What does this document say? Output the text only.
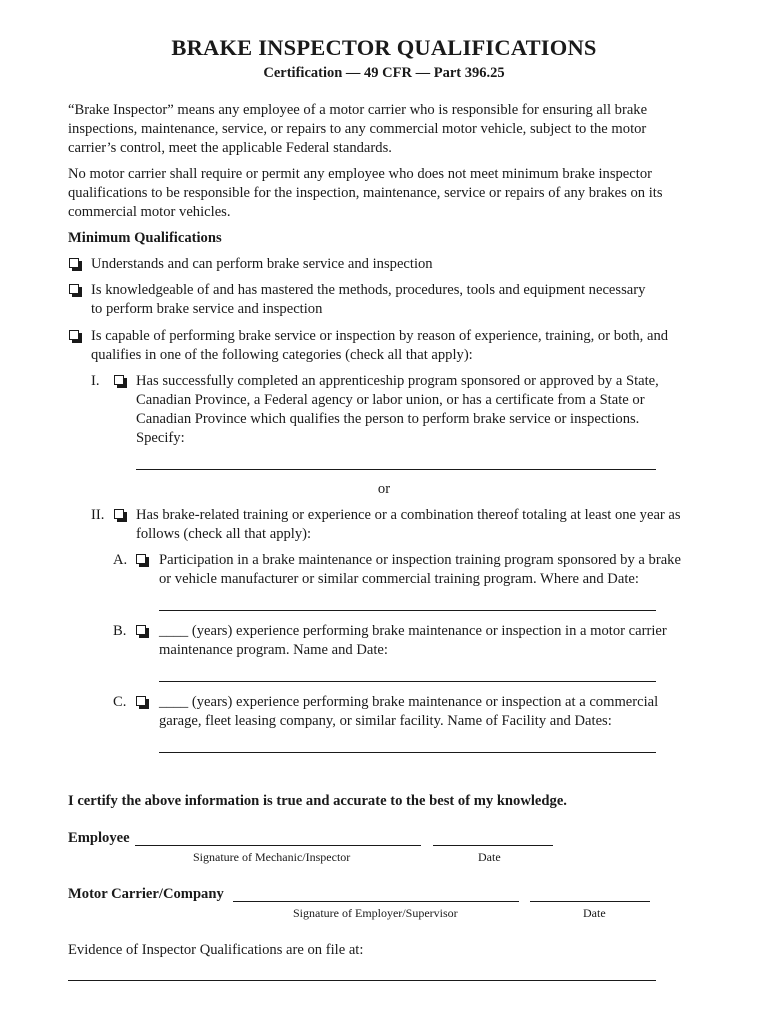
BRAKE INSPECTOR QUALIFICATIONS
Certification — 49 CFR — Part 396.25
“Brake Inspector” means any employee of a motor carrier who is responsible for ensuring all brake
inspections, maintenance, service, or repairs to any commercial motor vehicle, subject to the motor
carrier’s control, meet the applicable Federal standards.
No motor carrier shall require or permit any employee who does not meet minimum brake inspector
qualifications to be responsible for the inspection, maintenance, service or repairs of any brakes on its
commercial motor vehicles.
Minimum Qualifications
Understands and can perform brake service and inspection
Is knowledgeable of and has mastered the methods, procedures, tools and equipment necessary
to perform brake service and inspection
Is capable of performing brake service or inspection by reason of experience, training, or both, and
qualifies in one of the following categories (check all that apply):
I. Has successfully completed an apprenticeship program sponsored or approved by a State,
Canadian Province, a Federal agency or labor union, or has a certificate from a State or
Canadian Province which qualifies the person to perform brake service or inspections.
Specify:
or
II. Has brake-related training or experience or a combination thereof totaling at least one year as
follows (check all that apply):
A. Participation in a brake maintenance or inspection training program sponsored by a brake
or vehicle manufacturer or similar commercial training program. Where and Date:
B. ____ (years) experience performing brake maintenance or inspection in a motor carrier
maintenance program. Name and Date:
C. ____ (years) experience performing brake maintenance or inspection at a commercial
garage, fleet leasing company, or similar facility. Name of Facility and Dates:
I certify the above information is true and accurate to the best of my knowledge.
Employee
Signature of Mechanic/Inspector	Date
Motor Carrier/Company
Signature of Employer/Supervisor	Date
Evidence of Inspector Qualifications are on file at:
